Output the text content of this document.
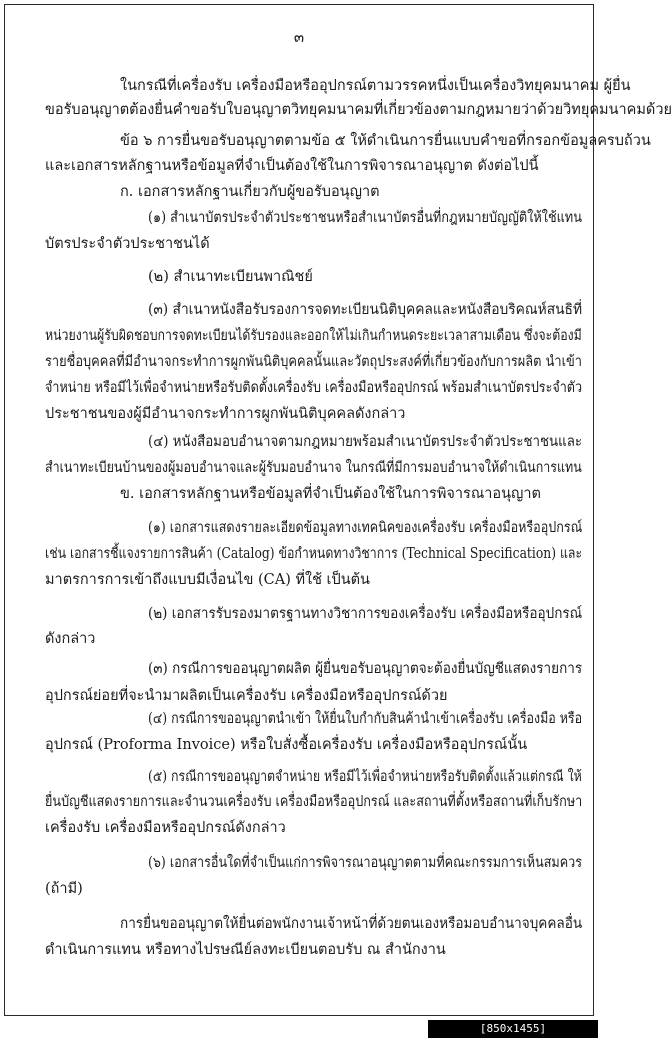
๓
ในกรณีที่เครื่องรับ เครื่องมือหรืออุปกรณ์ตามวรรคหนึ่งเป็นเครื่องวิทยุคมนาคม ผู้ยื่น
ขอรับอนุญาตต้องยื่นคำขอรับใบอนุญาตวิทยุคมนาคมที่เกี่ยวข้องตามกฎหมายว่าด้วยวิทยุคมนาคมด้วย
ข้อ ๖ การยื่นขอรับอนุญาตตามข้อ ๕ ให้ดำเนินการยื่นแบบคำขอที่กรอกข้อมูลครบถ้วน
และเอกสารหลักฐานหรือข้อมูลที่จำเป็นต้องใช้ในการพิจารณาอนุญาต ดังต่อไปนี้
ก. เอกสารหลักฐานเกี่ยวกับผู้ขอรับอนุญาต
(๑) สำเนาบัตรประจำตัวประชาชนหรือสำเนาบัตรอื่นที่กฎหมายบัญญัติให้ใช้แทน
บัตรประจำตัวประชาชนได้
(๒) สำเนาทะเบียนพาณิชย์
(๓) สำเนาหนังสือรับรองการจดทะเบียนนิติบุคคลและหนังสือบริคณห์สนธิที่
หน่วยงานผู้รับผิดชอบการจดทะเบียนได้รับรองและออกให้ไม่เกินกำหนดระยะเวลาสามเดือน ซึ่งจะต้องมี
รายชื่อบุคคลที่มีอำนาจกระทำการผูกพันนิติบุคคลนั้นและวัตถุประสงค์ที่เกี่ยวข้องกับการผลิต นำเข้า
จำหน่าย หรือมีไว้เพื่อจำหน่ายหรือรับติดตั้งเครื่องรับ เครื่องมือหรืออุปกรณ์ พร้อมสำเนาบัตรประจำตัว
ประชาชนของผู้มีอำนาจกระทำการผูกพันนิติบุคคลดังกล่าว
(๔) หนังสือมอบอำนาจตามกฎหมายพร้อมสำเนาบัตรประจำตัวประชาชนและ
สำเนาทะเบียนบ้านของผู้มอบอำนาจและผู้รับมอบอำนาจ ในกรณีที่มีการมอบอำนาจให้ดำเนินการแทน
ข. เอกสารหลักฐานหรือข้อมูลที่จำเป็นต้องใช้ในการพิจารณาอนุญาต
(๑) เอกสารแสดงรายละเอียดข้อมูลทางเทคนิคของเครื่องรับ เครื่องมือหรืออุปกรณ์
เช่น เอกสารชี้แจงรายการสินค้า (Catalog) ข้อกำหนดทางวิชาการ (Technical Specification) และ
มาตรการการเข้าถึงแบบมีเงื่อนไข (CA) ที่ใช้ เป็นต้น
(๒) เอกสารรับรองมาตรฐานทางวิชาการของเครื่องรับ เครื่องมือหรืออุปกรณ์
ดังกล่าว
(๓) กรณีการขออนุญาตผลิต ผู้ยื่นขอรับอนุญาตจะต้องยื่นบัญชีแสดงรายการ
อุปกรณ์ย่อยที่จะนำมาผลิตเป็นเครื่องรับ เครื่องมือหรืออุปกรณ์ด้วย
(๔) กรณีการขออนุญาตนำเข้า ให้ยื่นใบกำกับสินค้านำเข้าเครื่องรับ เครื่องมือ หรือ
อุปกรณ์ (Proforma Invoice) หรือใบสั่งซื้อเครื่องรับ เครื่องมือหรืออุปกรณ์นั้น
(๕) กรณีการขออนุญาตจำหน่าย หรือมีไว้เพื่อจำหน่ายหรือรับติดตั้งแล้วแต่กรณี ให้
ยื่นบัญชีแสดงรายการและจำนวนเครื่องรับ เครื่องมือหรืออุปกรณ์ และสถานที่ตั้งหรือสถานที่เก็บรักษา
เครื่องรับ เครื่องมือหรืออุปกรณ์ดังกล่าว
(๖) เอกสารอื่นใดที่จำเป็นแก่การพิจารณาอนุญาตตามที่คณะกรรมการเห็นสมควร
(ถ้ามี)
การยื่นขออนุญาตให้ยื่นต่อพนักงานเจ้าหน้าที่ด้วยตนเองหรือมอบอำนาจบุคคลอื่น
ดำเนินการแทน หรือทางไปรษณีย์ลงทะเบียนตอบรับ ณ สำนักงาน
[850x1455] http://upic.me/
